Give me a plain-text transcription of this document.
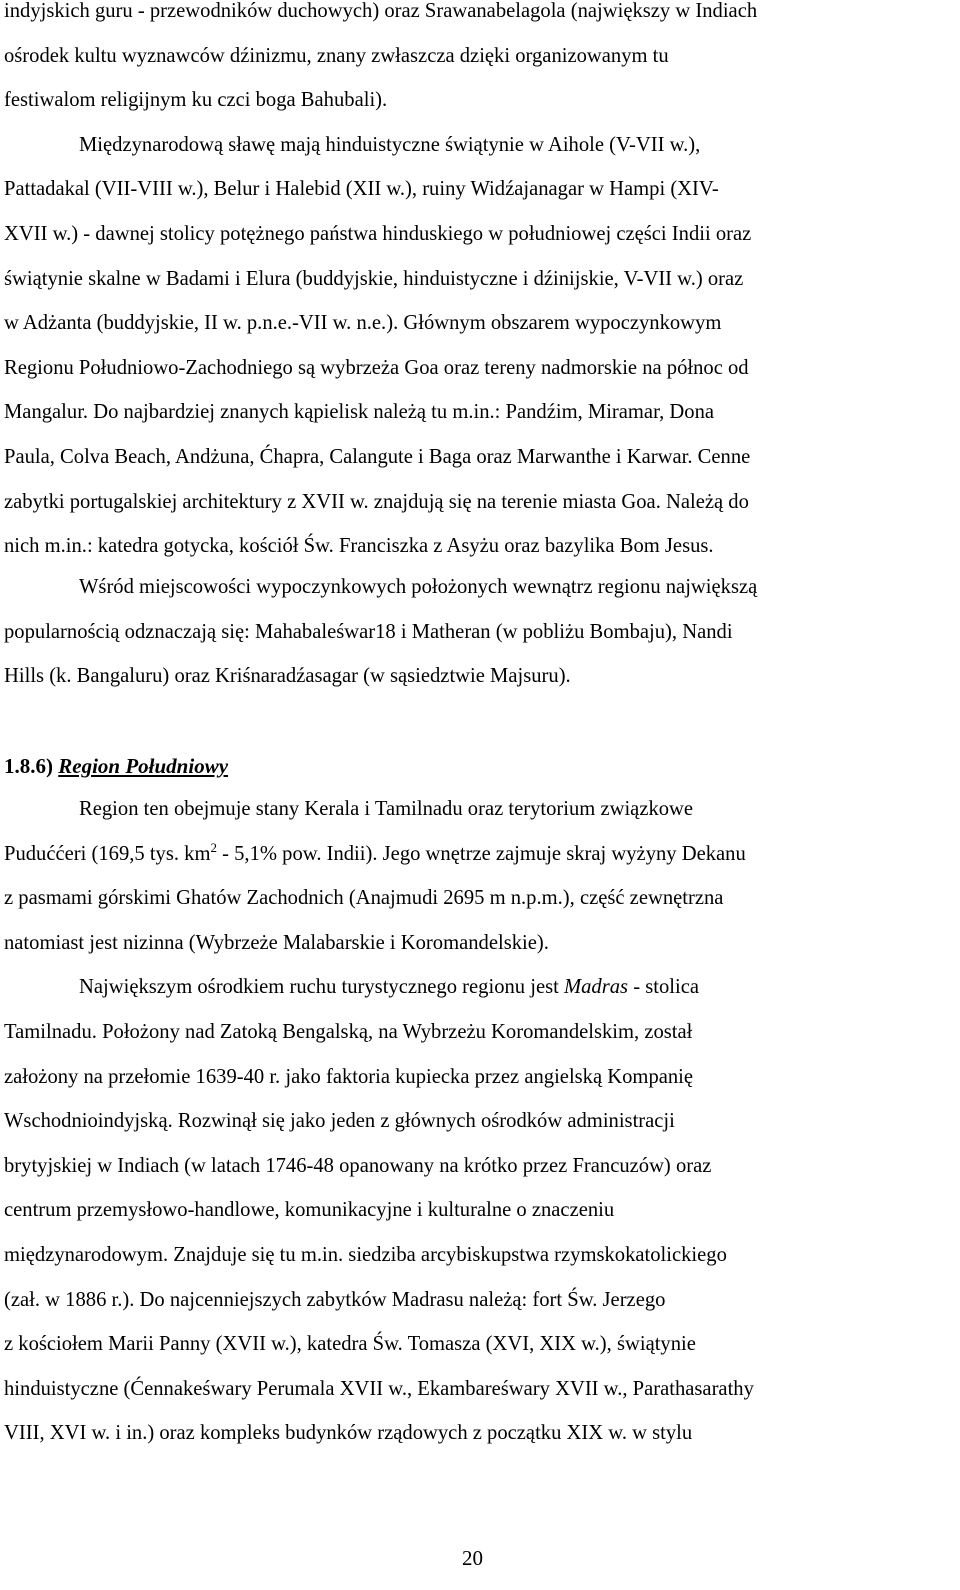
indyjskich guru - przewodników duchowych) oraz Srawanabelagola (największy w Indiach
ośrodek kultu wyznawców dźinizmu, znany zwłaszcza dzięki organizowanym tu
festiwalom religijnym ku czci boga Bahubali).
Międzynarodową sławę mają hinduistyczne świątynie w Aihole (V-VII w.),
Pattadakal (VII-VIII w.), Belur i Halebid (XII w.), ruiny Widźajanagar w Hampi (XIV-
XVII w.) - dawnej stolicy potężnego państwa hinduskiego w południowej części Indii oraz
świątynie skalne w Badami i Elura (buddyjskie, hinduistyczne i dźinijskie, V-VII w.) oraz
w Adżanta (buddyjskie, II w. p.n.e.-VII w. n.e.). Głównym obszarem wypoczynkowym
Regionu Południowo-Zachodniego są wybrzeża Goa oraz tereny nadmorskie na północ od
Mangalur. Do najbardziej znanych kąpielisk należą tu m.in.: Pandźim, Miramar, Dona
Paula, Colva Beach, Andżuna, Ćhapra, Calangute i Baga oraz Marwanthe i Karwar. Cenne
zabytki portugalskiej architektury z XVII w. znajdują się na terenie miasta Goa. Należą do
nich m.in.: katedra gotycka, kościół Św. Franciszka z Asyżu oraz bazylika Bom Jesus.
Wśród miejscowości wypoczynkowych położonych wewnątrz regionu największą
popularnością odznaczają się: Mahabaleśwar18 i Matheran (w pobliżu Bombaju), Nandi
Hills (k. Bangaluru) oraz Kriśnaradźasagar (w sąsiedztwie Majsuru).
1.8.6) Region Południowy
Region ten obejmuje stany Kerala i Tamilnadu oraz terytorium związkowe
Puduććeri (169,5 tys. $km^2 - 5,1\%$ pow. Indii). Jego wnętrze zajmuje skraj wyżyny Dekanu
z pasmami górskimi Ghatów Zachodnich (Anajmudi 2695 m n.p.m.), część zewnętrzna
natomiast jest nizinna (Wybrzeże Malabarskie i Koromandelskie).
Największym ośrodkiem ruchu turystycznego regionu jest Madras - stolica
Tamilnadu. Położony nad Zatoką Bengalską, na Wybrzeżu Koromandelskim, został
założony na przełomie 1639-40 r. jako faktoria kupiecka przez angielską Kompanię
Wschodnioindyjską. Rozwinął się jako jeden z głównych ośrodków administracji
brytyjskiej w Indiach (w latach 1746-48 opanowany na krótko przez Francuzów) oraz
centrum przemysłowo-handlowe, komunikacyjne i kulturalne o znaczeniu
międzynarodowym. Znajduje się tu m.in. siedziba arcybiskupstwa rzymskokatolickiego
(zał. w 1886 r.). Do najcenniejszych zabytków Madrasu należą: fort Św. Jerzego
z kościołem Marii Panny (XVII w.), katedra Św. Tomasza (XVI, XIX w.), świątynie
hinduistyczne (Ćennakeśwary Perumala XVII w., Ekambareśwary XVII w., Parathasarathy
VIII, XVI w. i in.) oraz kompleks budynków rządowych z początku XIX w. w stylu
20
